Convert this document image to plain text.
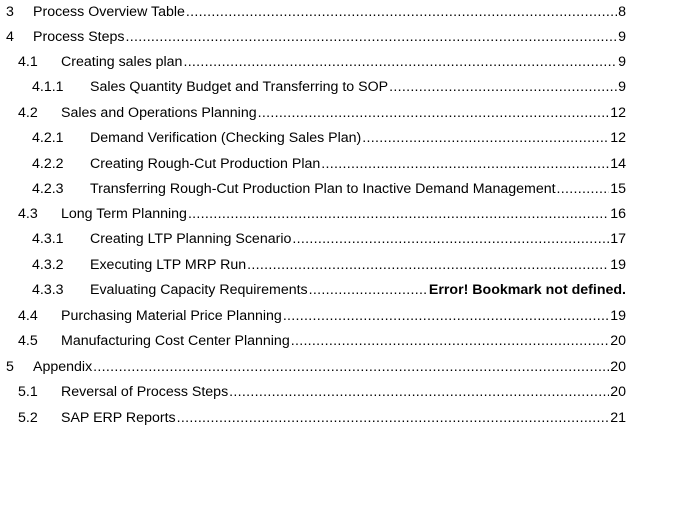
3 Process Overview Table .....	8
4 Process Steps .....	9
4.1 Creating sales plan .....	9
4.1.1 Sales Quantity Budget and Transferring to SOP .....	9
4.2 Sales and Operations Planning .....	12
4.2.1 Demand Verification (Checking Sales Plan) .....	12
4.2.2 Creating Rough-Cut Production Plan .....	14
4.2.3 Transferring Rough-Cut Production Plan to Inactive Demand Management .....	15
4.3 Long Term Planning .....	16
4.3.1 Creating LTP Planning Scenario .....	17
4.3.2 Executing LTP MRP Run .....	19
4.3.3 Evaluating Capacity Requirements .....	Error! Bookmark not defined.
4.4 Purchasing Material Price Planning .....	19
4.5 Manufacturing Cost Center Planning .....	20
5 Appendix .....	20
5.1 Reversal of Process Steps .....	20
5.2 SAP ERP Reports .....	21
